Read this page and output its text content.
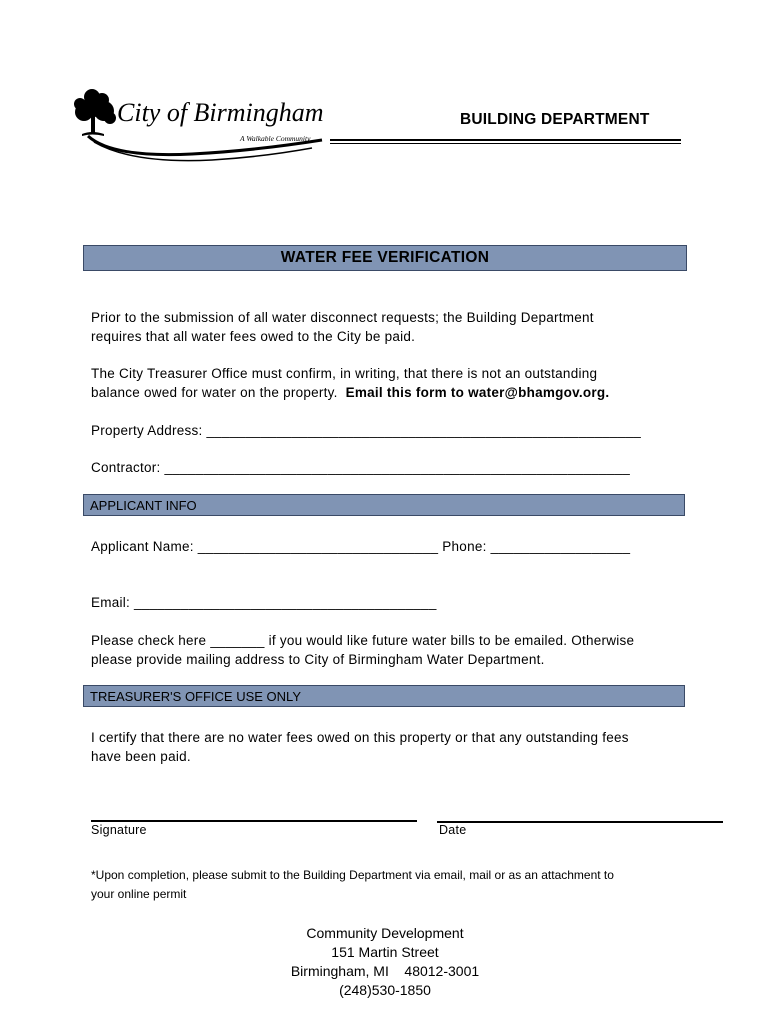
City of Birmingham
A Walkable Community
BUILDING DEPARTMENT
WATER FEE VERIFICATION
Prior to the submission of all water disconnect requests; the Building Department
requires that all water fees owed to the City be paid.
The City Treasurer Office must confirm, in writing, that there is not an outstanding
balance owed for water on the property. Email this form to water@bhamgov.org.
Property Address: ________________________________________________________
Contractor: ____________________________________________________________
APPLICANT INFO
Applicant Name: _______________________________ Phone: __________________
Email: _______________________________________
Please check here _______ if you would like future water bills to be emailed. Otherwise
please provide mailing address to City of Birmingham Water Department.
TREASURER'S OFFICE USE ONLY
I certify that there are no water fees owed on this property or that any outstanding fees
have been paid.
Signature	Date
*Upon completion, please submit to the Building Department via email, mail or as an attachment to
your online permit
Community Development
151 Martin Street
Birmingham, MI    48012-3001
(248)530-1850
